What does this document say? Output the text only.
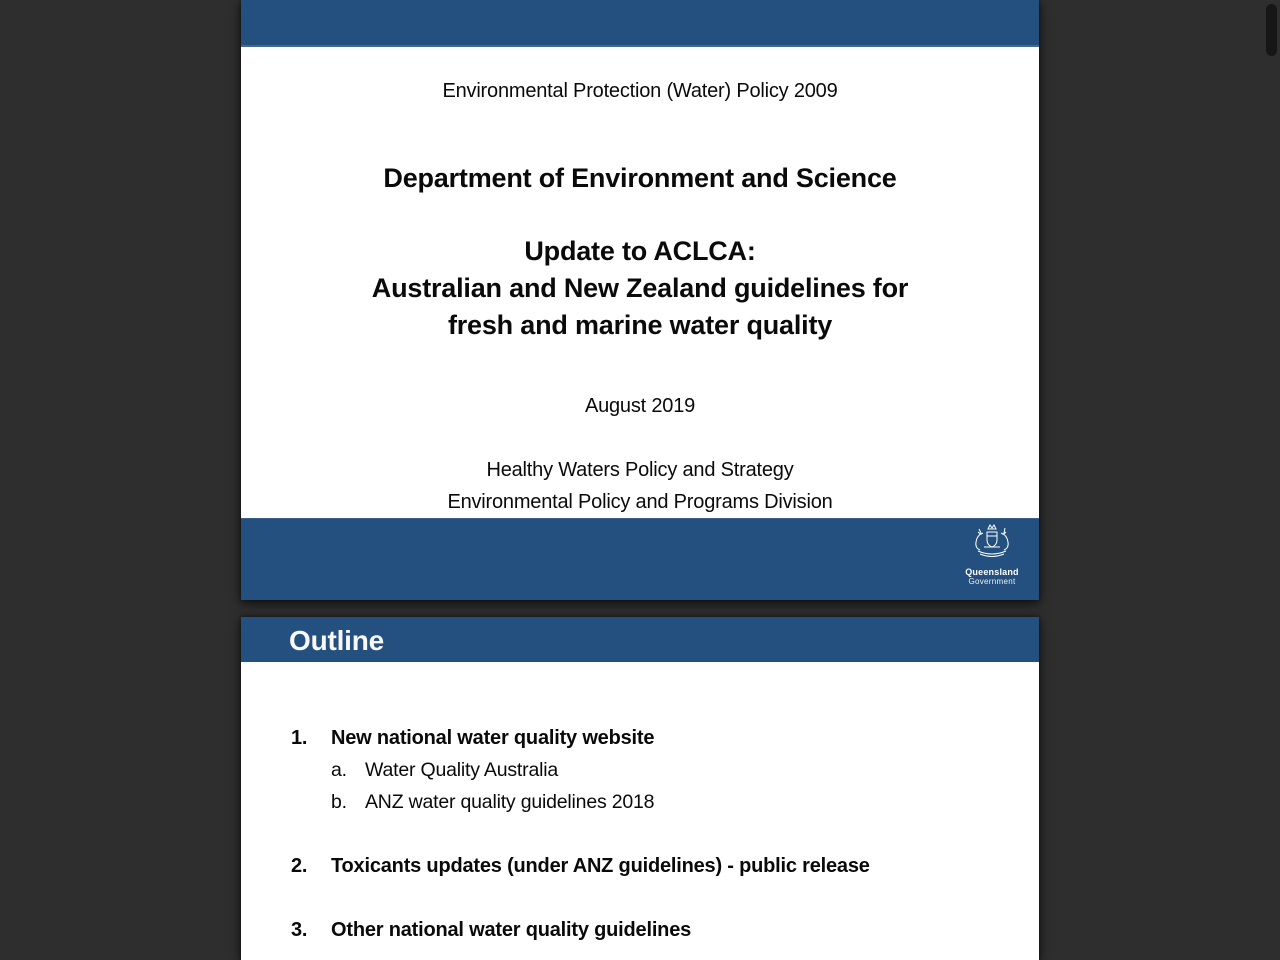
Environmental Protection (Water) Policy 2009
Department of Environment and Science
Update to ACLCA:
Australian and New Zealand guidelines for
fresh and marine water quality
August 2019
Healthy Waters Policy and Strategy
Environmental Policy and Programs Division
Queensland
Government
Outline
1.	New national water quality website
a. Water Quality Australia
b. ANZ water quality guidelines 2018
2.	Toxicants updates (under ANZ guidelines) - public release
3.	Other national water quality guidelines
